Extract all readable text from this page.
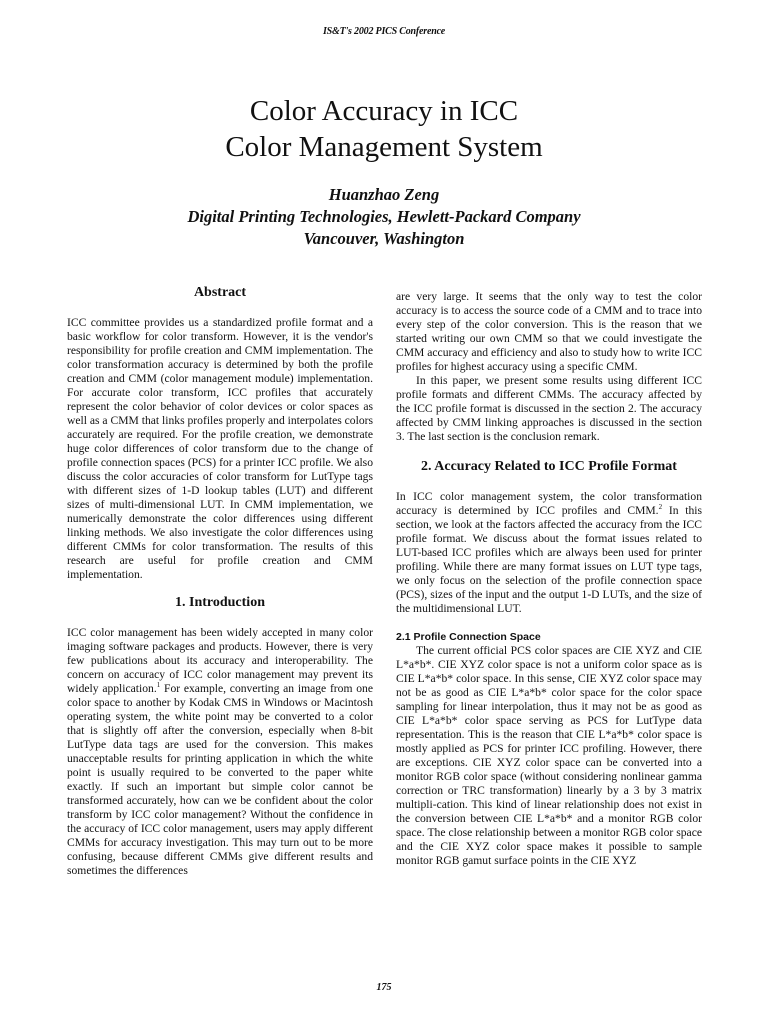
IS&T's 2002 PICS Conference
Color Accuracy in ICC
Color Management System
Huanzhao Zeng
Digital Printing Technologies, Hewlett-Packard Company
Vancouver, Washington
Abstract

ICC committee provides us a standardized profile format and a basic workflow for color transform. However, it is the vendor's responsibility for profile creation and CMM implementation. The color transformation accuracy is determined by both the profile creation and CMM (color management module) implementation. For accurate color transform, ICC profiles that accurately represent the color behavior of color devices or color spaces as well as a CMM that links profiles properly and interpolates colors accurately are required. For the profile creation, we demonstrate huge color differences of color transform due to the change of profile connection spaces (PCS) for a printer ICC profile. We also discuss the color accuracies of color transform for LutType tags with different sizes of 1-D lookup tables (LUT) and different sizes of multi-dimensional LUT. In CMM implementation, we numerically demonstrate the color differences using different linking methods. We also investigate the color differences using different CMMs for color transformation. The results of this research are useful for profile creation and CMM implementation.

1. Introduction

ICC color management has been widely accepted in many color imaging software packages and products. However, there is very few publications about its accuracy and interoperability. The concern on accuracy of ICC color management may prevent its widely application.$^1$ For example, converting an image from one color space to another by Kodak CMS in Windows or Macintosh operating system, the white point may be converted to a color that is slightly off after the conversion, especially when 8-bit LutType data tags are used for the conversion. This makes unacceptable results for printing application in which the white point is usually required to be converted to the paper white exactly. If such an important but simple color cannot be transformed accurately, how can we be confident about the color transform by ICC color management? Without the confidence in the accuracy of ICC color management, users may apply different CMMs for accuracy investigation. This may turn out to be more confusing, because different CMMs give different results and sometimes the differences

are very large. It seems that the only way to test the color accuracy is to access the source code of a CMM and to trace into every step of the color conversion. This is the reason that we started writing our own CMM so that we could investigate the CMM accuracy and efficiency and also to study how to write ICC profiles for highest accuracy using a specific CMM.

In this paper, we present some results using different ICC profile formats and different CMMs. The accuracy affected by the ICC profile format is discussed in the section 2. The accuracy affected by CMM linking approaches is discussed in the section 3. The last section is the conclusion remark.

2. Accuracy Related to ICC Profile Format

In ICC color management system, the color transformation accuracy is determined by ICC profiles and CMM.$^2$ In this section, we look at the factors affected the accuracy from the ICC profile format. We discuss about the format issues related to LUT-based ICC profiles which are always been used for printer profiling. While there are many format issues on LUT type tags, we only focus on the selection of the profile connection space (PCS), sizes of the input and the output 1-D LUTs, and the size of the multidimensional LUT.

2.1 Profile Connection Space

The current official PCS color spaces are CIE XYZ and CIE L*a*b*. CIE XYZ color space is not a uniform color space as is CIE L*a*b* color space. In this sense, CIE XYZ color space may not be as good as CIE L*a*b* color space for the color space sampling for linear interpolation, thus it may not be as good as CIE L*a*b* color space serving as PCS for LutType data representation. This is the reason that CIE L*a*b* color space is mostly applied as PCS for printer ICC profiling. However, there are exceptions. CIE XYZ color space can be converted into a monitor RGB color space (without considering nonlinear gamma correction or TRC transformation) linearly by a 3 by 3 matrix multipli-cation. This kind of linear relationship does not exist in the conversion between CIE L*a*b* and a monitor RGB color space. The close relationship between a monitor RGB color space and the CIE XYZ color space makes it possible to sample monitor RGB gamut surface points in the CIE XYZ

175
